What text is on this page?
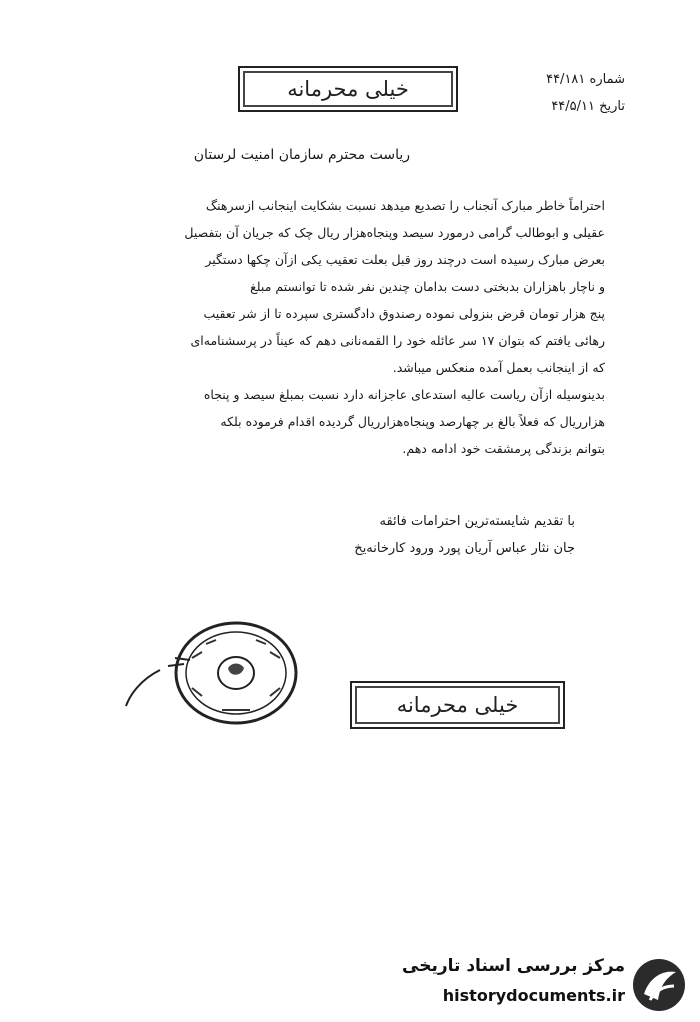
شماره ۴۴/۱۸۱
تاریخ ۴۴/۵/۱۱
خیلی محرمانه
ریاست محترم سازمان امنیت لرستان
احتراماً خاطر مبارک آنجناب را تصدیع میدهد نسبت بشکایت اینجانب ازسرهنگ
عقیلی و ابوطالب گرامی درمورد سیصد وپنجاه‌هزار ریال چک که جریان آن بتفصیل
بعرض مبارک رسیده است درچند روز قبل بعلت تعقیب یکی ازآن چکها دستگیر
و ناچار باهزاران بدبختی دست بدامان چندین نفر شده تا توانستم مبلغ
پنج هزار تومان قرض بنزولی نموده رصندوق دادگستری سپرده تا از شر تعقیب
رهائی یافتم که بتوان ۱۷ سر عائله خود را القمه‌نانی دهم که عیناً در پرسشنامه‌ای
که از اینجانب بعمل آمده منعکس میباشد.
بدینوسیله ازآن ریاست عالیه استدعای عاجزانه دارد نسبت بمبلغ سیصد و پنجاه
هزارریال که فعلاً بالغ بر چهارصد وپنجاه‌هزارریال گردیده اقدام فرموده بلکه
بتوانم بزندگی پرمشقت خود ادامه دهم.
با تقدیم شایسته‌ترین احترامات فائقه
جان نثار عباس آریان پورد ورود کارخانه‌یخ
خیلی محرمانه
مرکز بررسی اسناد تاریخی
historydocuments.ir
